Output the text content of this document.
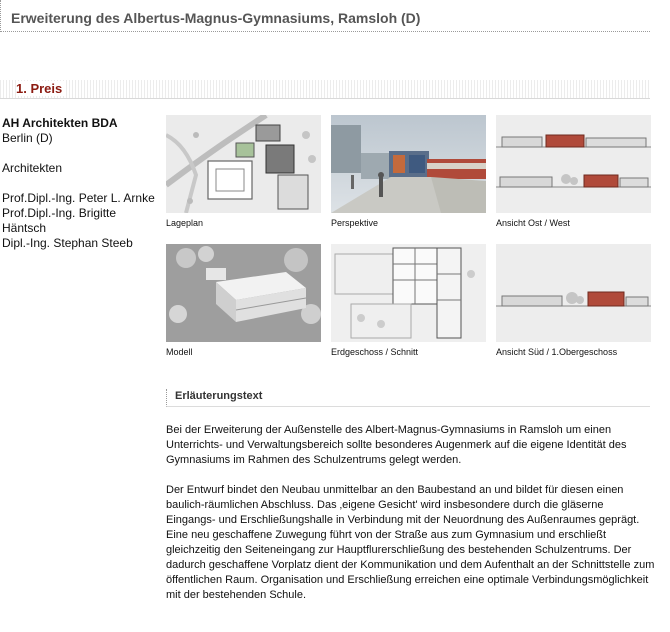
Erweiterung des Albertus-Magnus-Gymnasiums, Ramsloh (D)
1. Preis
AH Architekten BDA
Berlin (D)
Architekten
Prof.Dipl.-Ing. Peter L. Arnke
Prof.Dipl.-Ing. Brigitte
Häntsch
Dipl.-Ing. Stephan Steeb
Lageplan	Perspektive	Ansicht Ost / West
Modell	Erdgeschoss / Schnitt	Ansicht Süd / 1.Obergeschoss
Erläuterungstext

Bei der Erweiterung der Außenstelle des Albert-Magnus-Gymnasiums in Ramsloh um einen Unterrichts- und Verwaltungsbereich sollte besonderes Augenmerk auf die eigene Identität des Gymnasiums im Rahmen des Schulzentrums gelegt werden.

Der Entwurf bindet den Neubau unmittelbar an den Baubestand an und bildet für diesen einen baulich-räumlichen Abschluss. Das ‚eigene Gesicht' wird insbesondere durch die gläserne Eingangs- und Erschließungshalle in Verbindung mit der Neuordnung des Außenraumes geprägt. Eine neu geschaffene Zuwegung führt von der Straße aus zum Gymnasium und erschließt gleichzeitig den Seiteneingang zur Hauptflurerschließung des bestehenden Schulzentrums. Der dadurch geschaffene Vorplatz dient der Kommunikation und dem Aufenthalt an der Schnittstelle zum öffentlichen Raum. Organisation und Erschließung erreichen eine optimale Verbindungsmöglichkeit mit der bestehenden Schule.
